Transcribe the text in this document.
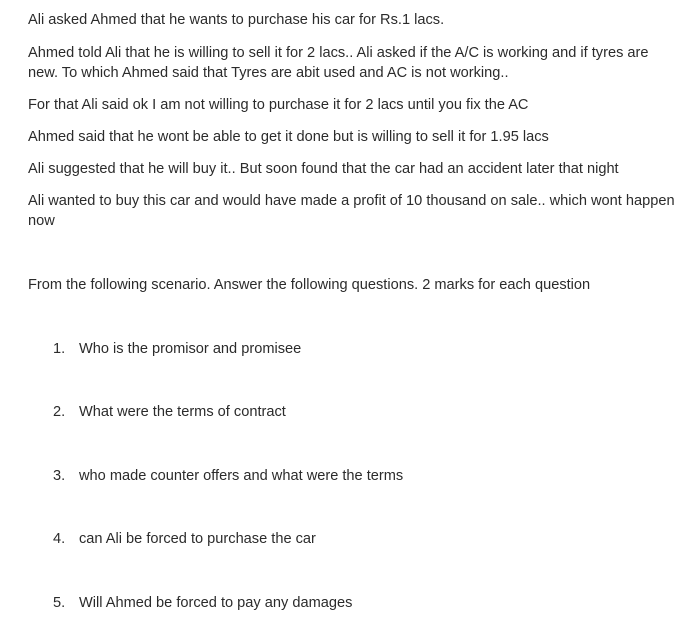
Ali asked Ahmed that he wants to purchase his car for Rs.1 lacs.

Ahmed told Ali that he is willing to sell it for 2 lacs.. Ali asked if the A/C is working and if tyres are new. To which Ahmed said that Tyres are abit used and AC is not working..

For that Ali said ok I am not willing to purchase it for 2 lacs until you fix the AC

Ahmed said that he wont be able to get it done but is willing to sell it for 1.95 lacs

Ali suggested that he will buy it.. But soon found that the car had an accident later that night

Ali wanted to buy this car and would have made a profit of 10 thousand on sale.. which wont happen now

From the following scenario. Answer the following questions. 2 marks for each question

1. Who is the promisor and promisee

2. What were the terms of contract

3. who made counter offers and what were the terms

4. can Ali be forced to purchase the car

5. Will Ahmed be forced to pay any damages
